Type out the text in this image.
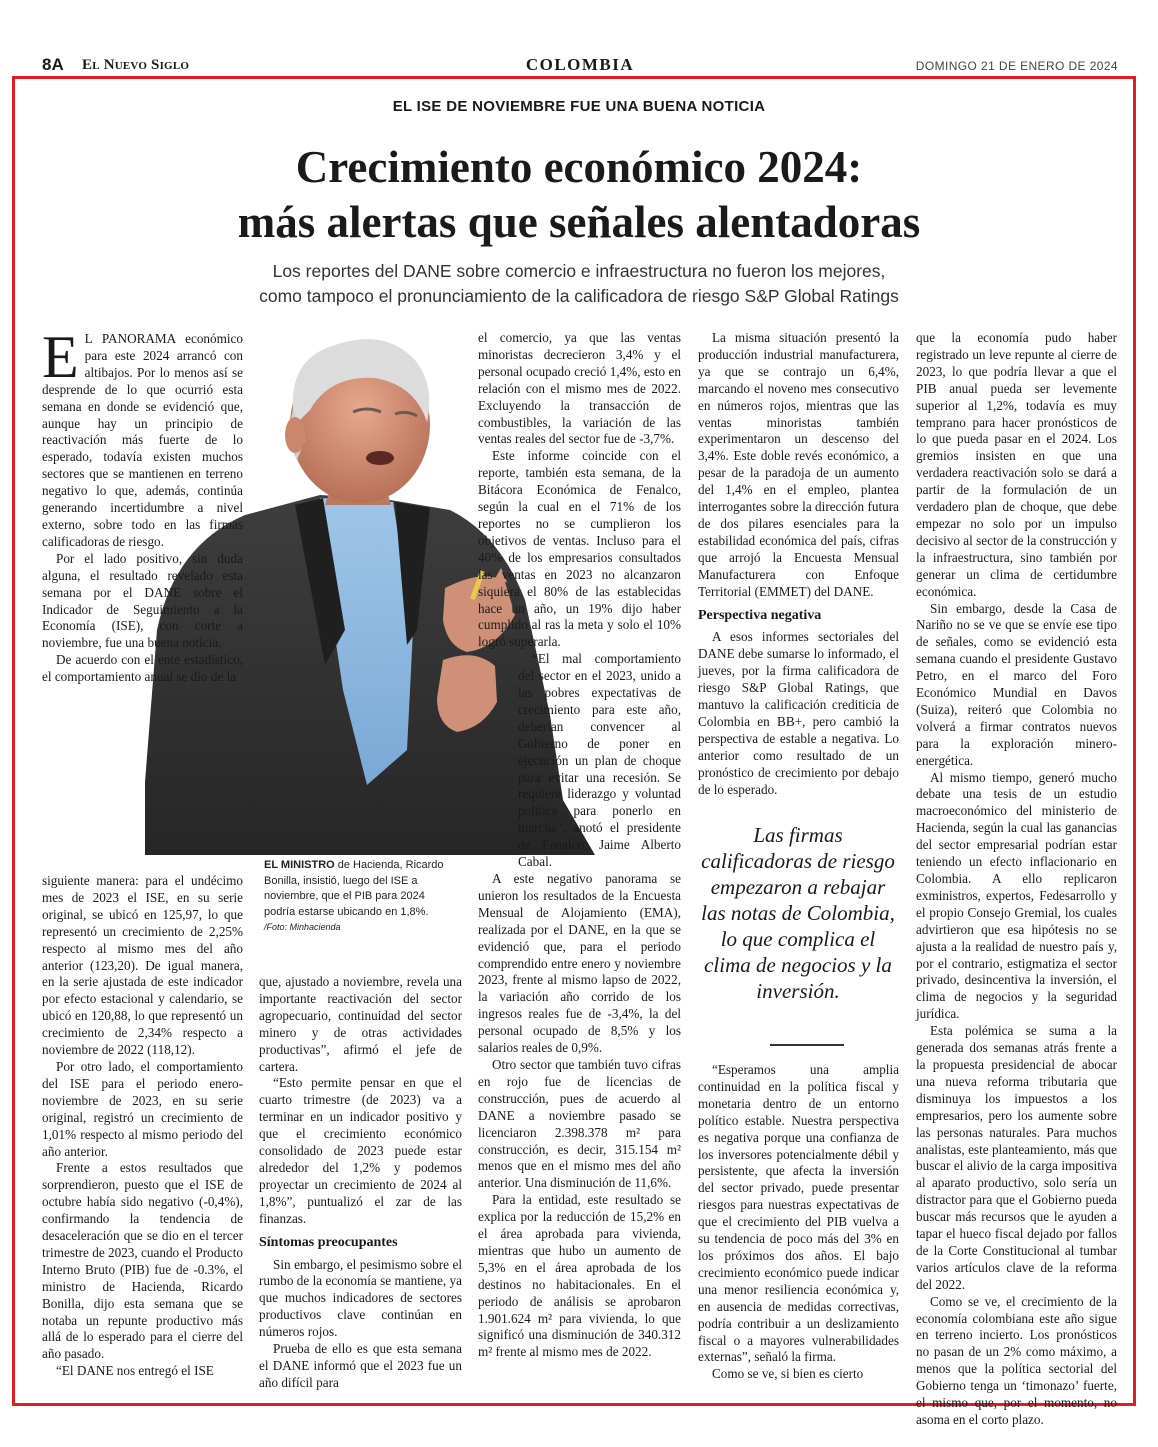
8A El Nuevo Siglo	COLOMBIA	DOMINGO 21 DE ENERO DE 2024
EL ISE DE NOVIEMBRE FUE UNA BUENA NOTICIA
Crecimiento económico 2024:
más alertas que señales alentadoras

Los reportes del DANE sobre comercio e infraestructura no fueron los mejores,
como tampoco el pronunciamiento de la calificadora de riesgo S&P Global Ratings

EL MINISTRO de Hacienda, Ricardo Bonilla, insistió, luego del ISE a noviembre, que el PIB para 2024 podría estarse ubicando en 1,8%. /Foto: Minhacienda

E L PANORAMA económico para este 2024 arrancó con altibajos. Por lo menos así se desprende de lo que ocurrió esta semana en donde se evidenció que, aunque hay un principio de reactivación más fuerte de lo esperado, todavía existen muchos sectores que se mantienen en terreno negativo lo que, además, continúa generando incertidumbre a nivel externo, sobre todo en las firmas calificadoras de riesgo.

Por el lado positivo, sin duda alguna, el resultado revelado esta semana por el DANE sobre el Indicador de Seguimiento a la Economía (ISE), con corte a noviembre, fue una buena noticia.

De acuerdo con el ente estadístico, el comportamiento anual se dio de la

siguiente manera: para el undécimo mes de 2023 el ISE, en su serie original, se ubicó en 125,97, lo que representó un crecimiento de 2,25% respecto al mismo mes del año anterior (123,20). De igual manera, en la serie ajustada de este indicador por efecto estacional y calendario, se ubicó en 120,88, lo que representó un crecimiento de 2,34% respecto a noviembre de 2022 (118,12).

Por otro lado, el comportamiento del ISE para el periodo enero-noviembre de 2023, en su serie original, registró un crecimiento de 1,01% respecto al mismo periodo del año anterior.

Frente a estos resultados que sorprendieron, puesto que el ISE de octubre había sido negativo (-0,4%), confirmando la tendencia de desaceleración que se dio en el tercer trimestre de 2023, cuando el Producto Interno Bruto (PIB) fue de -0.3%, el ministro de Hacienda, Ricardo Bonilla, dijo esta semana que se notaba un repunte productivo más allá de lo esperado para el cierre del año pasado.

“El DANE nos entregó el ISE

que, ajustado a noviembre, revela una importante reactivación del sector agropecuario, continuidad del sector minero y de otras actividades productivas”, afirmó el jefe de cartera.

“Esto permite pensar en que el cuarto trimestre (de 2023) va a terminar en un indicador positivo y que el crecimiento económico consolidado de 2023 puede estar alrededor del 1,2% y podemos proyectar un crecimiento de 2024 al 1,8%”, puntualizó el zar de las finanzas.

Síntomas preocupantes

Sin embargo, el pesimismo sobre el rumbo de la economía se mantiene, ya que muchos indicadores de sectores productivos clave continúan en números rojos.

Prueba de ello es que esta semana el DANE informó que el 2023 fue un año difícil para

el comercio, ya que las ventas minoristas decrecieron 3,4% y el personal ocupado creció 1,4%, esto en relación con el mismo mes de 2022. Excluyendo la transacción de combustibles, la variación de las ventas reales del sector fue de -3,7%.

Este informe coincide con el reporte, también esta semana, de la Bitácora Económica de Fenalco, según la cual en el 71% de los reportes no se cumplieron los objetivos de ventas. Incluso para el 40% de los empresarios consultados las ventas en 2023 no alcanzaron siquiera el 80% de las establecidas hace un año, un 19% dijo haber cumplido al ras la meta y solo el 10% logró superarla.

“El mal comportamiento del sector en el 2023, unido a las pobres expectativas de crecimiento para este año, deberían convencer al Gobierno de poner en ejecución un plan de choque para evitar una recesión. Se requiere liderazgo y voluntad política para ponerlo en marcha”, anotó el presidente de Fenalco, Jaime Alberto Cabal.

A este negativo panorama se unieron los resultados de la Encuesta Mensual de Alojamiento (EMA), realizada por el DANE, en la que se evidenció que, para el periodo comprendido entre enero y noviembre 2023, frente al mismo lapso de 2022, la variación año corrido de los ingresos reales fue de -3,4%, la del personal ocupado de 8,5% y los salarios reales de 0,9%.

Otro sector que también tuvo cifras en rojo fue de licencias de construcción, pues de acuerdo al DANE a noviembre pasado se licenciaron 2.398.378 m² para construcción, es decir, 315.154 m² menos que en el mismo mes del año anterior. Una disminución de 11,6%.

Para la entidad, este resultado se explica por la reducción de 15,2% en el área aprobada para vivienda, mientras que hubo un aumento de 5,3% en el área aprobada de los destinos no habitacionales. En el periodo de análisis se aprobaron 1.901.624 m² para vivienda, lo que significó una disminución de 340.312 m² frente al mismo mes de 2022.

La misma situación presentó la producción industrial manufacturera, ya que se contrajo un 6,4%, marcando el noveno mes consecutivo en números rojos, mientras que las ventas minoristas también experimentaron un descenso del 3,4%. Este doble revés económico, a pesar de la paradoja de un aumento del 1,4% en el empleo, plantea interrogantes sobre la dirección futura de dos pilares esenciales para la estabilidad económica del país, cifras que arrojó la Encuesta Mensual Manufacturera con Enfoque Territorial (EMMET) del DANE.

Perspectiva negativa

A esos informes sectoriales del DANE debe sumarse lo informado, el jueves, por la firma calificadora de riesgo S&P Global Ratings, que mantuvo la calificación crediticia de Colombia en BB+, pero cambió la perspectiva de estable a negativa. Lo anterior como resultado de un pronóstico de crecimiento por debajo de lo esperado.

Las firmas calificadoras de riesgo empezaron a rebajar las notas de Colombia, lo que complica el clima de negocios y la inversión.

“Esperamos una amplia continuidad en la política fiscal y monetaria dentro de un entorno político estable. Nuestra perspectiva es negativa porque una confianza de los inversores potencialmente débil y persistente, que afecta la inversión del sector privado, puede presentar riesgos para nuestras expectativas de que el crecimiento del PIB vuelva a su tendencia de poco más del 3% en los próximos dos años. El bajo crecimiento económico puede indicar una menor resiliencia económica y, en ausencia de medidas correctivas, podría contribuir a un deslizamiento fiscal o a mayores vulnerabilidades externas”, señaló la firma.

Como se ve, si bien es cierto

que la economía pudo haber registrado un leve repunte al cierre de 2023, lo que podría llevar a que el PIB anual pueda ser levemente superior al 1,2%, todavía es muy temprano para hacer pronósticos de lo que pueda pasar en el 2024. Los gremios insisten en que una verdadera reactivación solo se dará a partir de la formulación de un verdadero plan de choque, que debe empezar no solo por un impulso decisivo al sector de la construcción y la infraestructura, sino también por generar un clima de certidumbre económica.

Sin embargo, desde la Casa de Nariño no se ve que se envíe ese tipo de señales, como se evidenció esta semana cuando el presidente Gustavo Petro, en el marco del Foro Económico Mundial en Davos (Suiza), reiteró que Colombia no volverá a firmar contratos nuevos para la exploración minero-energética.

Al mismo tiempo, generó mucho debate una tesis de un estudio macroeconómico del ministerio de Hacienda, según la cual las ganancias del sector empresarial podrían estar teniendo un efecto inflacionario en Colombia. A ello replicaron exministros, expertos, Fedesarrollo y el propio Consejo Gremial, los cuales advirtieron que esa hipótesis no se ajusta a la realidad de nuestro país y, por el contrario, estigmatiza el sector privado, desincentiva la inversión, el clima de negocios y la seguridad jurídica.

Esta polémica se suma a la generada dos semanas atrás frente a la propuesta presidencial de abocar una nueva reforma tributaria que disminuya los impuestos a los empresarios, pero los aumente sobre las personas naturales. Para muchos analistas, este planteamiento, más que buscar el alivio de la carga impositiva al aparato productivo, solo sería un distractor para que el Gobierno pueda buscar más recursos que le ayuden a tapar el hueco fiscal dejado por fallos de la Corte Constitucional al tumbar varios artículos clave de la reforma del 2022.

Como se ve, el crecimiento de la economía colombiana este año sigue en terreno incierto. Los pronósticos no pasan de un 2% como máximo, a menos que la política sectorial del Gobierno tenga un ‘timonazo’ fuerte, el mismo que, por el momento, no asoma en el corto plazo.
